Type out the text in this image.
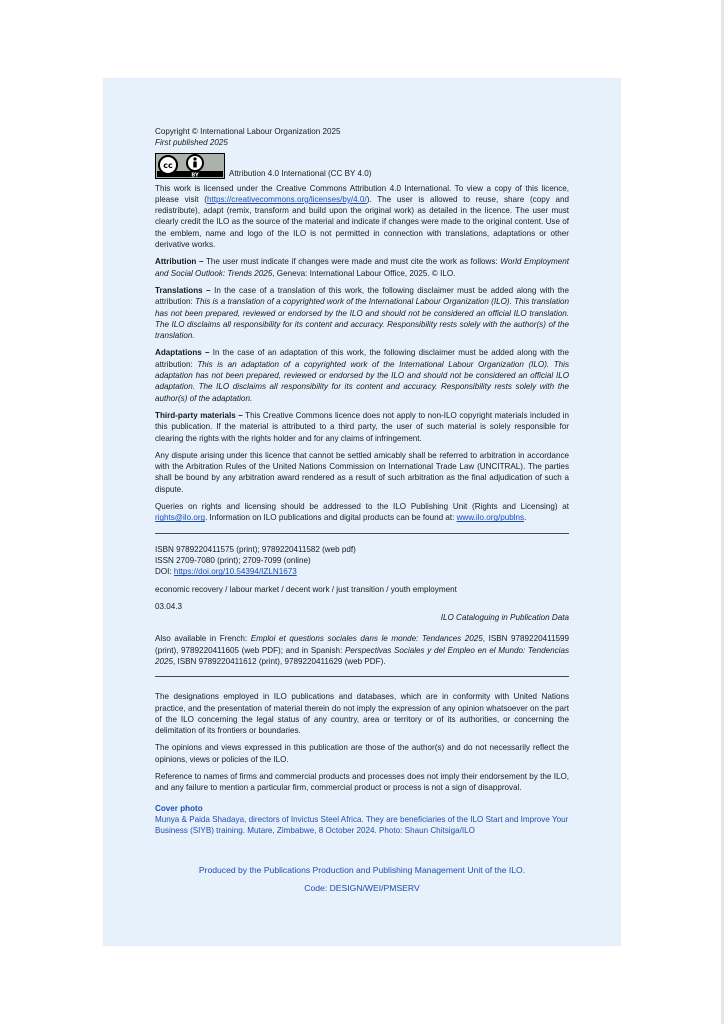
Copyright © International Labour Organization 2025

First published 2025

cc
BY	Attribution 4.0 International (CC BY 4.0)

This work is licensed under the Creative Commons Attribution 4.0 International. To view a copy of this licence, please visit (https://creativecommons.org/licenses/by/4.0/). The user is allowed to reuse, share (copy and redistribute), adapt (remix, transform and build upon the original work) as detailed in the licence. The user must clearly credit the ILO as the source of the material and indicate if changes were made to the original content. Use of the emblem, name and logo of the ILO is not permitted in connection with translations, adaptations or other derivative works.

Attribution – The user must indicate if changes were made and must cite the work as follows: World Employment and Social Outlook: Trends 2025, Geneva: International Labour Office, 2025. © ILO.

Translations – In the case of a translation of this work, the following disclaimer must be added along with the attribution: This is a translation of a copyrighted work of the International Labour Organization (ILO). This translation has not been prepared, reviewed or endorsed by the ILO and should not be considered an official ILO translation. The ILO disclaims all responsibility for its content and accuracy. Responsibility rests solely with the author(s) of the translation.

Adaptations – In the case of an adaptation of this work, the following disclaimer must be added along with the attribution: This is an adaptation of a copyrighted work of the International Labour Organization (ILO). This adaptation has not been prepared, reviewed or endorsed by the ILO and should not be considered an official ILO adaptation. The ILO disclaims all responsibility for its content and accuracy. Responsibility rests solely with the author(s) of the adaptation.

Third-party materials – This Creative Commons licence does not apply to non-ILO copyright materials included in this publication. If the material is attributed to a third party, the user of such material is solely responsible for clearing the rights with the rights holder and for any claims of infringement.

Any dispute arising under this licence that cannot be settled amicably shall be referred to arbitration in accordance with the Arbitration Rules of the United Nations Commission on International Trade Law (UNCITRAL). The parties shall be bound by any arbitration award rendered as a result of such arbitration as the final adjudication of such a dispute.

Queries on rights and licensing should be addressed to the ILO Publishing Unit (Rights and Licensing) at rights@ilo.org. Information on ILO publications and digital products can be found at: www.ilo.org/publns.

ISBN 9789220411575 (print); 9789220411582 (web pdf)

ISSN 2709-7080 (print); 2709-7099 (online)

DOI: https://doi.org/10.54394/IZLN1673

economic recovery / labour market / decent work / just transition / youth employment

03.04.3

ILO Cataloguing in Publication Data

Also available in French: Emploi et questions sociales dans le monde: Tendances 2025, ISBN 9789220411599 (print), 9789220411605 (web PDF); and in Spanish: Perspectivas Sociales y del Empleo en el Mundo: Tendencias 2025, ISBN 9789220411612 (print), 9789220411629 (web PDF).

The designations employed in ILO publications and databases, which are in conformity with United Nations practice, and the presentation of material therein do not imply the expression of any opinion whatsoever on the part of the ILO concerning the legal status of any country, area or territory or of its authorities, or concerning the delimitation of its frontiers or boundaries.

The opinions and views expressed in this publication are those of the author(s) and do not necessarily reflect the opinions, views or policies of the ILO.

Reference to names of firms and commercial products and processes does not imply their endorsement by the ILO, and any failure to mention a particular firm, commercial product or process is not a sign of disapproval.

Cover photo

Munya & Paida Shadaya, directors of Invictus Steel Africa. They are beneficiaries of the ILO Start and Improve Your Business (SIYB) training. Mutare, Zimbabwe, 8 October 2024. Photo: Shaun Chitsiga/ILO

Produced by the Publications Production and Publishing Management Unit of the ILO.
Code: DESIGN/WEI/PMSERV
